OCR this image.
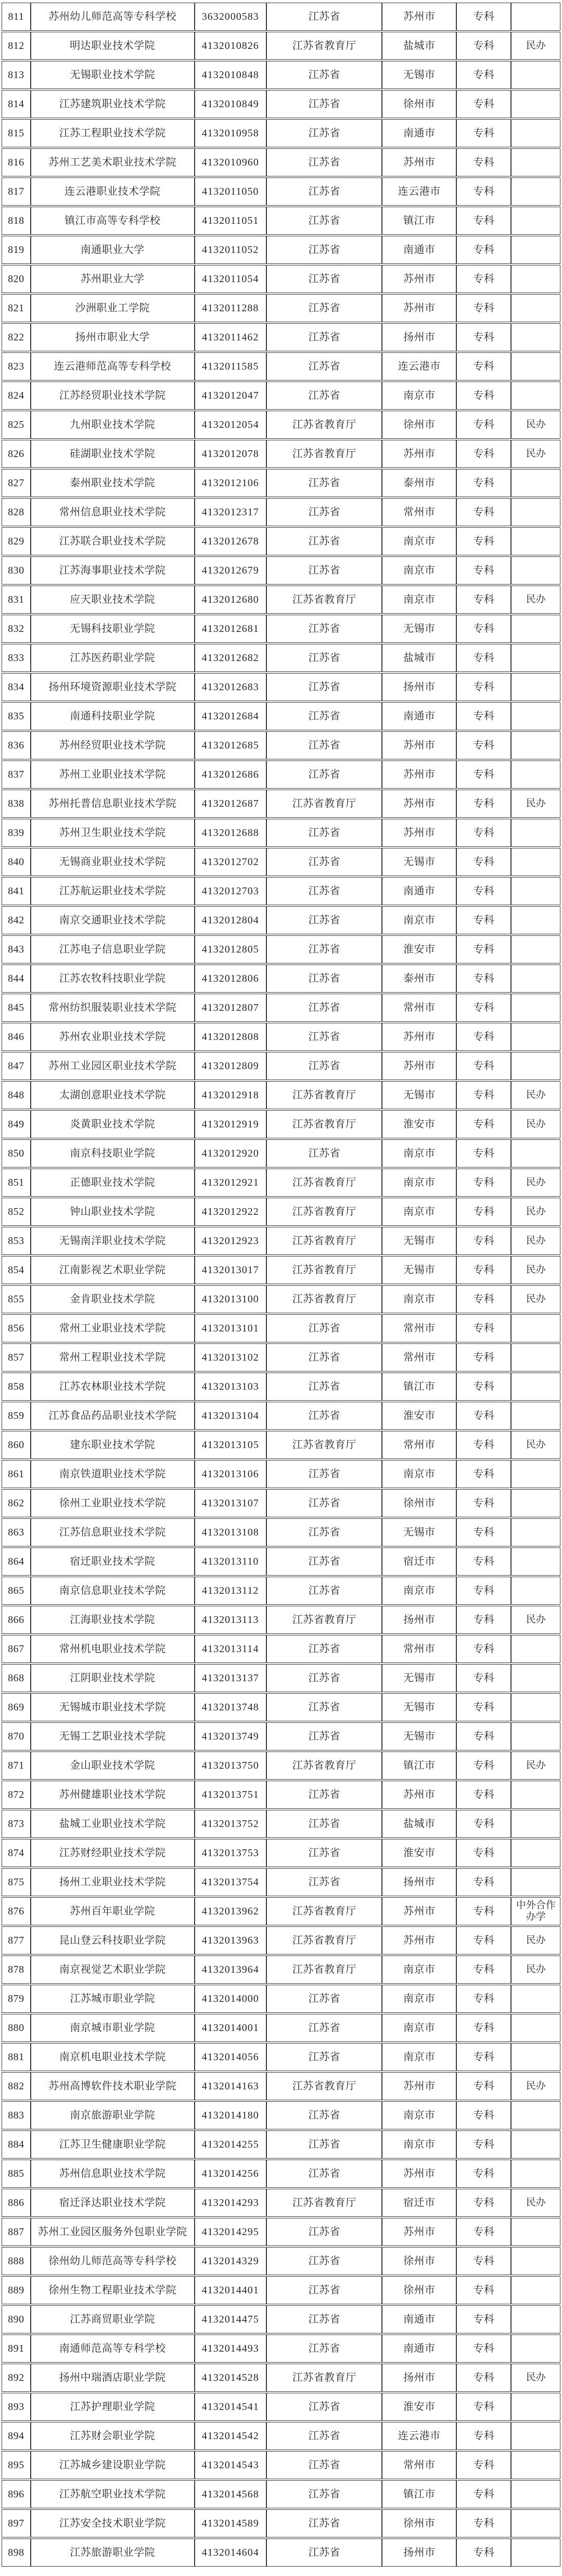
811	苏州幼儿师范高等专科学校	3632000583	江苏省	苏州市	专科	
812	明达职业技术学院	4132010826	江苏省教育厅	盐城市	专科	民办
813	无锡职业技术学院	4132010848	江苏省	无锡市	专科	
814	江苏建筑职业技术学院	4132010849	江苏省	徐州市	专科	
815	江苏工程职业技术学院	4132010958	江苏省	南通市	专科	
816	苏州工艺美术职业技术学院	4132010960	江苏省	苏州市	专科	
817	连云港职业技术学院	4132011050	江苏省	连云港市	专科	
818	镇江市高等专科学校	4132011051	江苏省	镇江市	专科	
819	南通职业大学	4132011052	江苏省	南通市	专科	
820	苏州职业大学	4132011054	江苏省	苏州市	专科	
821	沙洲职业工学院	4132011288	江苏省	苏州市	专科	
822	扬州市职业大学	4132011462	江苏省	扬州市	专科	
823	连云港师范高等专科学校	4132011585	江苏省	连云港市	专科	
824	江苏经贸职业技术学院	4132012047	江苏省	南京市	专科	
825	九州职业技术学院	4132012054	江苏省教育厅	徐州市	专科	民办
826	硅湖职业技术学院	4132012078	江苏省教育厅	苏州市	专科	民办
827	泰州职业技术学院	4132012106	江苏省	泰州市	专科	
828	常州信息职业技术学院	4132012317	江苏省	常州市	专科	
829	江苏联合职业技术学院	4132012678	江苏省	南京市	专科	
830	江苏海事职业技术学院	4132012679	江苏省	南京市	专科	
831	应天职业技术学院	4132012680	江苏省教育厅	南京市	专科	民办
832	无锡科技职业学院	4132012681	江苏省	无锡市	专科	
833	江苏医药职业学院	4132012682	江苏省	盐城市	专科	
834	扬州环境资源职业技术学院	4132012683	江苏省	扬州市	专科	
835	南通科技职业学院	4132012684	江苏省	南通市	专科	
836	苏州经贸职业技术学院	4132012685	江苏省	苏州市	专科	
837	苏州工业职业技术学院	4132012686	江苏省	苏州市	专科	
838	苏州托普信息职业技术学院	4132012687	江苏省教育厅	苏州市	专科	民办
839	苏州卫生职业技术学院	4132012688	江苏省	苏州市	专科	
840	无锡商业职业技术学院	4132012702	江苏省	无锡市	专科	
841	江苏航运职业技术学院	4132012703	江苏省	南通市	专科	
842	南京交通职业技术学院	4132012804	江苏省	南京市	专科	
843	江苏电子信息职业学院	4132012805	江苏省	淮安市	专科	
844	江苏农牧科技职业学院	4132012806	江苏省	泰州市	专科	
845	常州纺织服装职业技术学院	4132012807	江苏省	常州市	专科	
846	苏州农业职业技术学院	4132012808	江苏省	苏州市	专科	
847	苏州工业园区职业技术学院	4132012809	江苏省	苏州市	专科	
848	太湖创意职业技术学院	4132012918	江苏省教育厅	无锡市	专科	民办
849	炎黄职业技术学院	4132012919	江苏省教育厅	淮安市	专科	民办
850	南京科技职业学院	4132012920	江苏省	南京市	专科	
851	正德职业技术学院	4132012921	江苏省教育厅	南京市	专科	民办
852	钟山职业技术学院	4132012922	江苏省教育厅	南京市	专科	民办
853	无锡南洋职业技术学院	4132012923	江苏省教育厅	无锡市	专科	民办
854	江南影视艺术职业学院	4132013017	江苏省教育厅	无锡市	专科	民办
855	金肯职业技术学院	4132013100	江苏省教育厅	南京市	专科	民办
856	常州工业职业技术学院	4132013101	江苏省	常州市	专科	
857	常州工程职业技术学院	4132013102	江苏省	常州市	专科	
858	江苏农林职业技术学院	4132013103	江苏省	镇江市	专科	
859	江苏食品药品职业技术学院	4132013104	江苏省	淮安市	专科	
860	建东职业技术学院	4132013105	江苏省教育厅	常州市	专科	民办
861	南京铁道职业技术学院	4132013106	江苏省	南京市	专科	
862	徐州工业职业技术学院	4132013107	江苏省	徐州市	专科	
863	江苏信息职业技术学院	4132013108	江苏省	无锡市	专科	
864	宿迁职业技术学院	4132013110	江苏省	宿迁市	专科	
865	南京信息职业技术学院	4132013112	江苏省	南京市	专科	
866	江海职业技术学院	4132013113	江苏省教育厅	扬州市	专科	民办
867	常州机电职业技术学院	4132013114	江苏省	常州市	专科	
868	江阴职业技术学院	4132013137	江苏省	无锡市	专科	
869	无锡城市职业技术学院	4132013748	江苏省	无锡市	专科	
870	无锡工艺职业技术学院	4132013749	江苏省	无锡市	专科	
871	金山职业技术学院	4132013750	江苏省教育厅	镇江市	专科	民办
872	苏州健雄职业技术学院	4132013751	江苏省	苏州市	专科	
873	盐城工业职业技术学院	4132013752	江苏省	盐城市	专科	
874	江苏财经职业技术学院	4132013753	江苏省	淮安市	专科	
875	扬州工业职业技术学院	4132013754	江苏省	扬州市	专科	
876	苏州百年职业学院	4132013962	江苏省教育厅	苏州市	专科	中外合作办学
877	昆山登云科技职业学院	4132013963	江苏省教育厅	苏州市	专科	民办
878	南京视觉艺术职业学院	4132013964	江苏省教育厅	南京市	专科	民办
879	江苏城市职业学院	4132014000	江苏省	南京市	专科	
880	南京城市职业学院	4132014001	江苏省	南京市	专科	
881	南京机电职业技术学院	4132014056	江苏省	南京市	专科	
882	苏州高博软件技术职业学院	4132014163	江苏省教育厅	苏州市	专科	民办
883	南京旅游职业学院	4132014180	江苏省	南京市	专科	
884	江苏卫生健康职业学院	4132014255	江苏省	南京市	专科	
885	苏州信息职业技术学院	4132014256	江苏省	苏州市	专科	
886	宿迁泽达职业技术学院	4132014293	江苏省教育厅	宿迁市	专科	民办
887	苏州工业园区服务外包职业学院	4132014295	江苏省	苏州市	专科	
888	徐州幼儿师范高等专科学校	4132014329	江苏省	徐州市	专科	
889	徐州生物工程职业技术学院	4132014401	江苏省	徐州市	专科	
890	江苏商贸职业学院	4132014475	江苏省	南通市	专科	
891	南通师范高等专科学校	4132014493	江苏省	南通市	专科	
892	扬州中瑞酒店职业学院	4132014528	江苏省教育厅	扬州市	专科	民办
893	江苏护理职业学院	4132014541	江苏省	淮安市	专科	
894	江苏财会职业学院	4132014542	江苏省	连云港市	专科	
895	江苏城乡建设职业学院	4132014543	江苏省	常州市	专科	
896	江苏航空职业技术学院	4132014568	江苏省	镇江市	专科	
897	江苏安全技术职业学院	4132014589	江苏省	徐州市	专科	
898	江苏旅游职业学院	4132014604	江苏省	扬州市	专科	
